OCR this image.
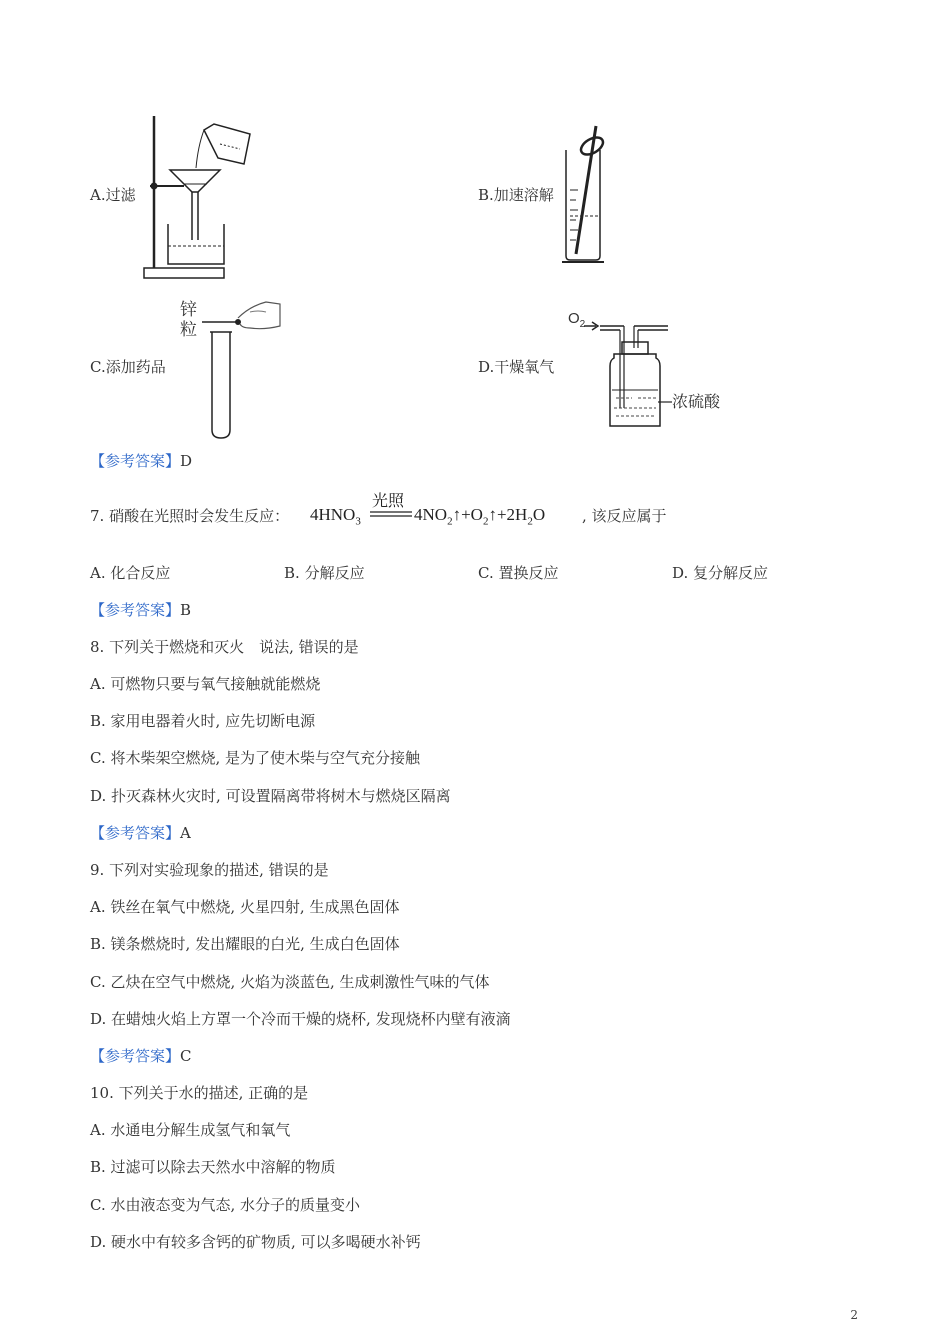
A.过滤	B.加速溶解
C.添加药品
锌
粒
D.干燥氧气
$O_2$
浓硫酸
【参考答案】D
7. 硝酸在光照时会发生反应： $4HNO_3$
光照
$4NO_2↑+O_2↑+2H_2O$ , 该反应属于
A. 化合反应	B. 分解反应	C. 置换反应	D. 复分解反应
【参考答案】B
8. 下列关于燃烧和灭火　说法, 错误的是
A. 可燃物只要与氧气接触就能燃烧
B. 家用电器着火时, 应先切断电源
C. 将木柴架空燃烧, 是为了使木柴与空气充分接触
D. 扑灭森林火灾时, 可设置隔离带将树木与燃烧区隔离
【参考答案】A
9. 下列对实验现象的描述, 错误的是
A. 铁丝在氧气中燃烧, 火星四射, 生成黑色固体
B. 镁条燃烧时, 发出耀眼的白光, 生成白色固体
C. 乙炔在空气中燃烧, 火焰为淡蓝色, 生成刺激性气味的气体
D. 在蜡烛火焰上方罩一个冷而干燥的烧杯, 发现烧杯内壁有液滴
【参考答案】C
10. 下列关于水的描述, 正确的是
A. 水通电分解生成氢气和氧气
B. 过滤可以除去天然水中溶解的物质
C. 水由液态变为气态, 水分子的质量变小
D. 硬水中有较多含钙的矿物质, 可以多喝硬水补钙
2
